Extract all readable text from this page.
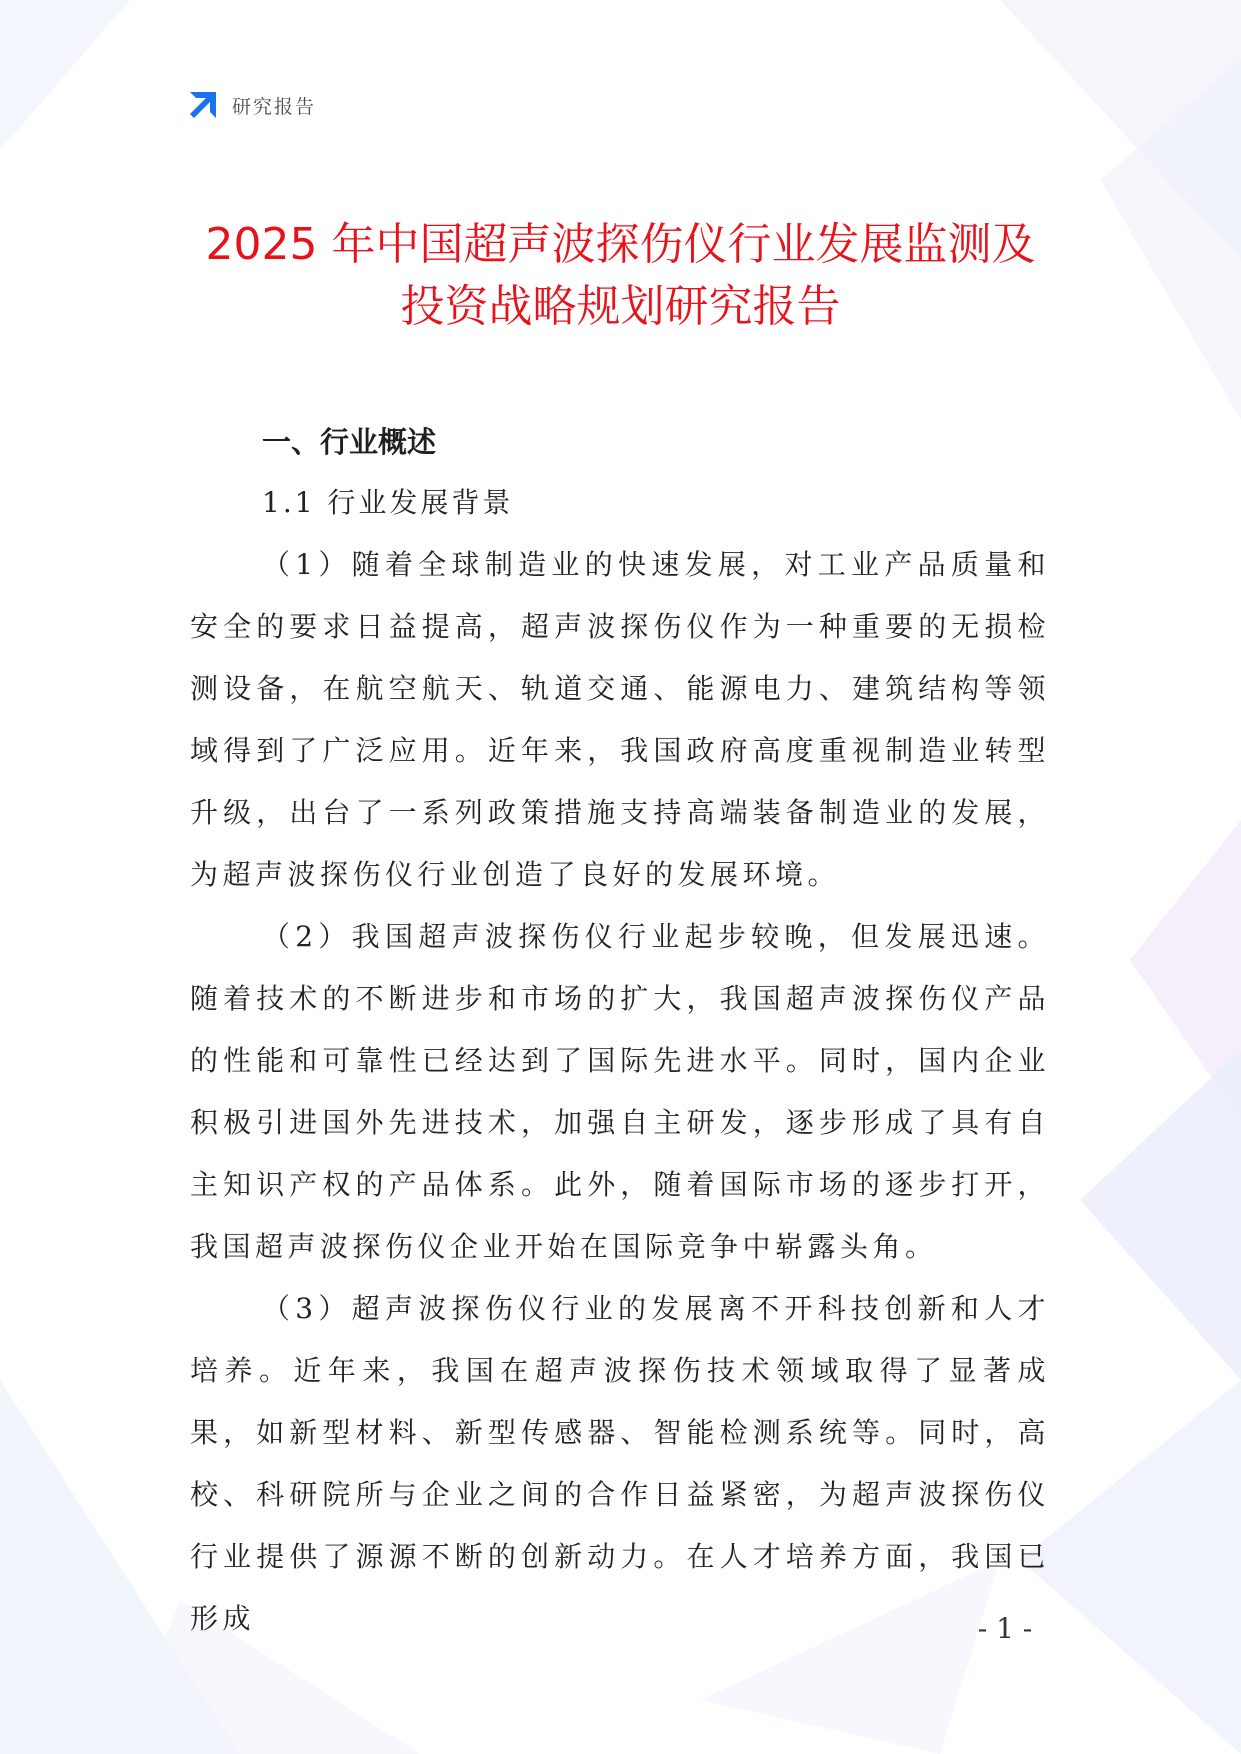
研究报告
2025 年中国超声波探伤仪行业发展监测及
投资战略规划研究报告
一、行业概述
1.1 行业发展背景

（1）随着全球制造业的快速发展，对工业产品质量和安全的要求日益提高，超声波探伤仪作为一种重要的无损检测设备，在航空航天、轨道交通、能源电力、建筑结构等领域得到了广泛应用。近年来，我国政府高度重视制造业转型升级，出台了一系列政策措施支持高端装备制造业的发展，为超声波探伤仪行业创造了良好的发展环境。

（2）我国超声波探伤仪行业起步较晚，但发展迅速。随着技术的不断进步和市场的扩大，我国超声波探伤仪产品的性能和可靠性已经达到了国际先进水平。同时，国内企业积极引进国外先进技术，加强自主研发，逐步形成了具有自主知识产权的产品体系。此外，随着国际市场的逐步打开，我国超声波探伤仪企业开始在国际竞争中崭露头角。

（3）超声波探伤仪行业的发展离不开科技创新和人才培养。近年来，我国在超声波探伤技术领域取得了显著成果，如新型材料、新型传感器、智能检测系统等。同时，高校、科研院所与企业之间的合作日益紧密，为超声波探伤仪行业提供了源源不断的创新动力。在人才培养方面，我国已形成	- 1 -
